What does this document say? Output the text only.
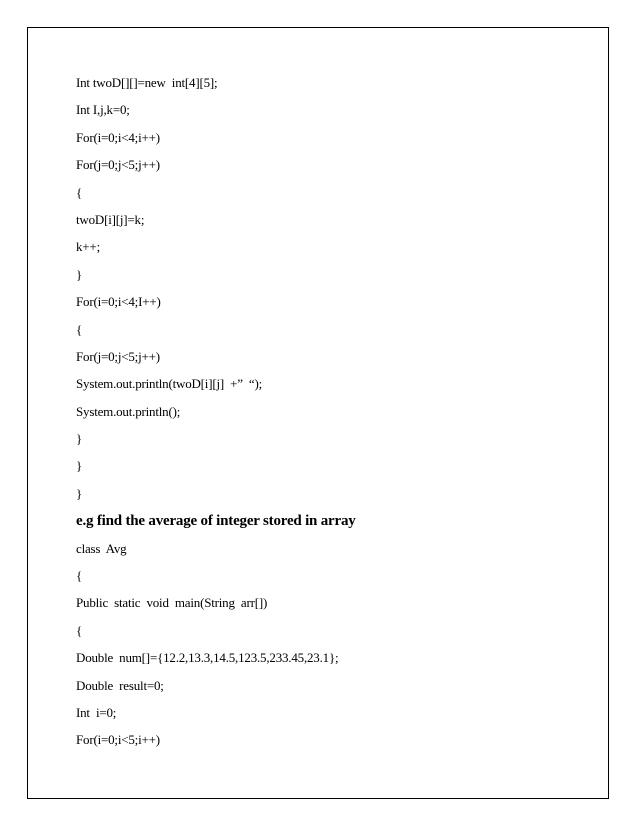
Int twoD[][]=new  int[4][5];
Int I,j,k=0;
For(i=0;i<4;i++)
For(j=0;j<5;j++)
{
twoD[i][j]=k;
k++;
}
For(i=0;i<4;I++)
{
For(j=0;j<5;j++)
System.out.println(twoD[i][j]  +”  “);
System.out.println();
}
}
}
e.g find the average of integer stored in array
class  Avg
{
Public  static  void  main(String  arr[])
{
Double  num[]={12.2,13.3,14.5,123.5,233.45,23.1};
Double  result=0;
Int  i=0;
For(i=0;i<5;i++)
